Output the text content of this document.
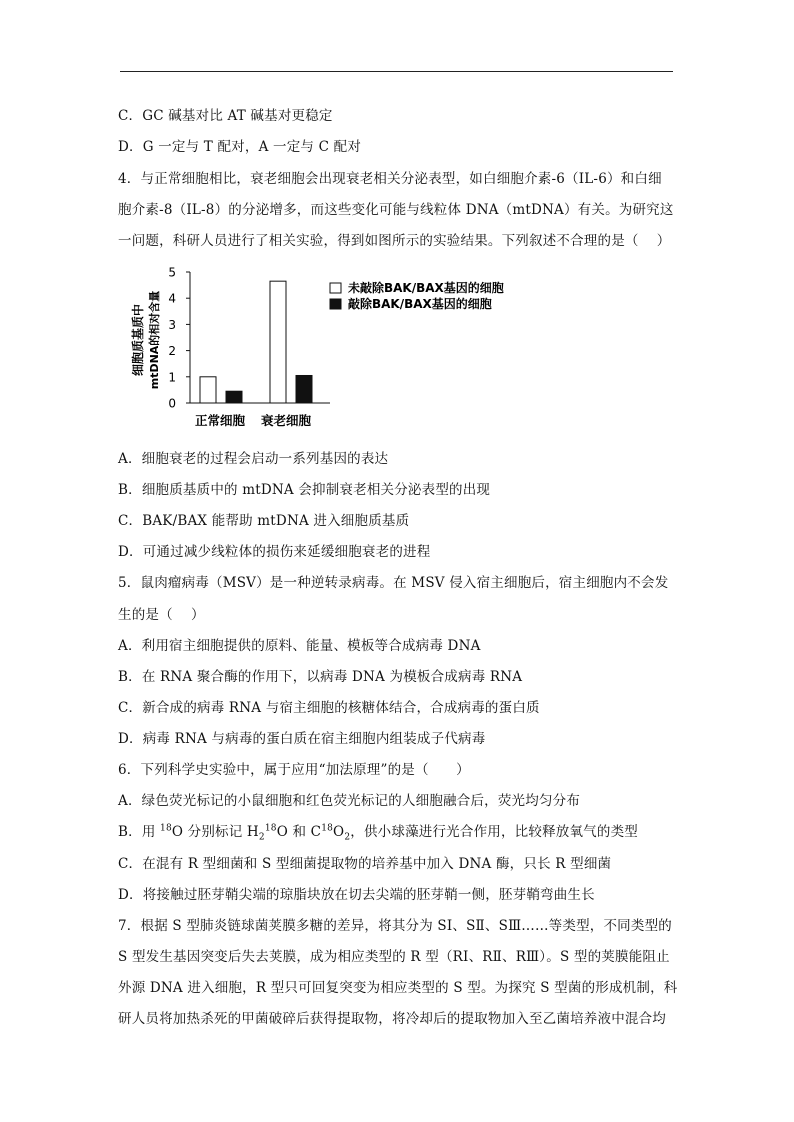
C．GC 碱基对比 AT 碱基对更稳定
D．G 一定与 T 配对，A 一定与 C 配对
4．与正常细胞相比，衰老细胞会出现衰老相关分泌表型，如白细胞介素-6（IL-6）和白细
胞介素-8（IL-8）的分泌增多，而这些变化可能与线粒体 DNA（mtDNA）有关。为研究这
一问题，科研人员进行了相关实验，得到如图所示的实验结果。下列叙述不合理的是（　 ）
细胞质基质中 mtDNA的相对含量
0
1
2
3
4
5
正常细胞 衰老细胞
未敲除BAK/BAX基因的细胞
敲除BAK/BAX基因的细胞
A．细胞衰老的过程会启动一系列基因的表达
B．细胞质基质中的 mtDNA 会抑制衰老相关分泌表型的出现
C．BAK/BAX 能帮助 mtDNA 进入细胞质基质
D．可通过减少线粒体的损伤来延缓细胞衰老的进程
5．鼠肉瘤病毒（MSV）是一种逆转录病毒。在 MSV 侵入宿主细胞后，宿主细胞内不会发
生的是（　 ）
A．利用宿主细胞提供的原料、能量、模板等合成病毒 DNA
B．在 RNA 聚合酶的作用下，以病毒 DNA 为模板合成病毒 RNA
C．新合成的病毒 RNA 与宿主细胞的核糖体结合，合成病毒的蛋白质
D．病毒 RNA 与病毒的蛋白质在宿主细胞内组装成子代病毒
6．下列科学史实验中，属于应用“加法原理”的是（　　）
A．绿色荧光标记的小鼠细胞和红色荧光标记的人细胞融合后，荧光均匀分布
B．用 $^{18}$O 分别标记 $H_2^{18}O$ 和 $C^{18}O_2$，供小球藻进行光合作用，比较释放氧气的类型
C．在混有 R 型细菌和 S 型细菌提取物的培养基中加入 DNA 酶，只长 R 型细菌
D．将接触过胚芽鞘尖端的琼脂块放在切去尖端的胚芽鞘一侧，胚芽鞘弯曲生长
7．根据 S 型肺炎链球菌荚膜多糖的差异，将其分为 SⅠ、SⅡ、SⅢ……等类型，不同类型的
S 型发生基因突变后失去荚膜，成为相应类型的 R 型（RⅠ、RⅡ、RⅢ）。S 型的荚膜能阻止
外源 DNA 进入细胞，R 型只可回复突变为相应类型的 S 型。为探究 S 型菌的形成机制，科
研人员将加热杀死的甲菌破碎后获得提取物，将冷却后的提取物加入至乙菌培养液中混合均
